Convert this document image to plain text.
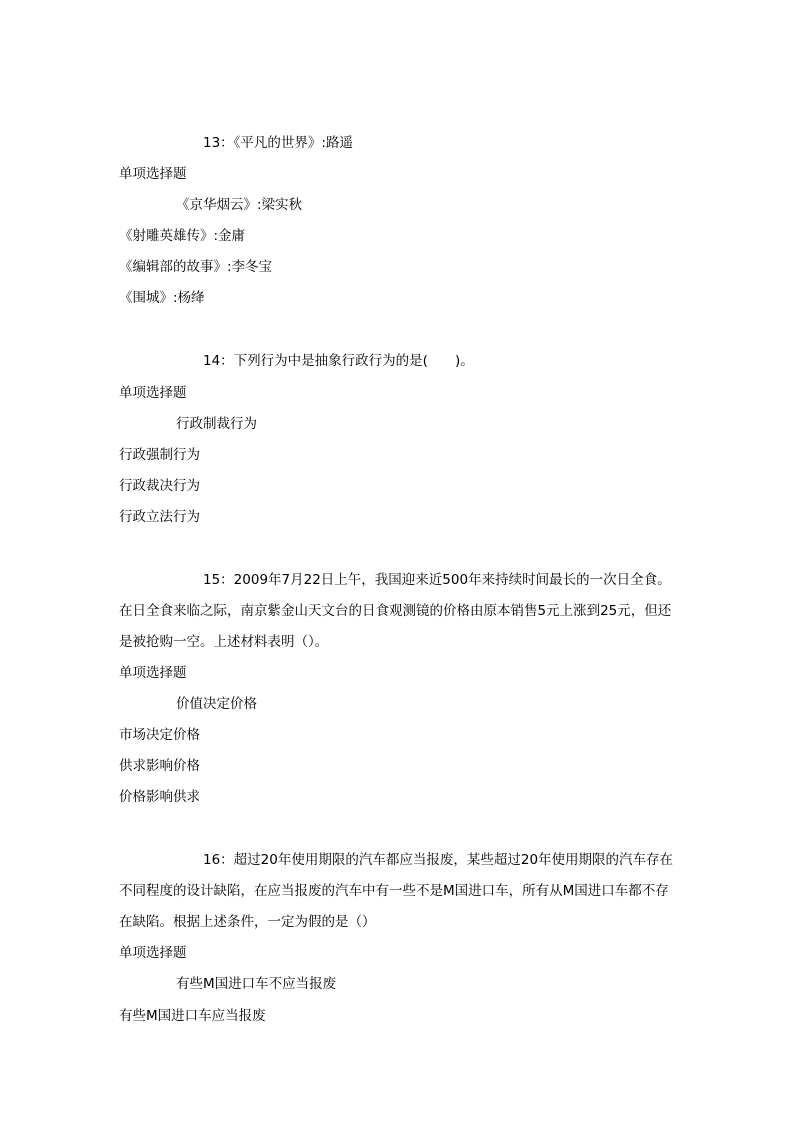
13：《平凡的世界》:路遥
单项选择题
《京华烟云》:梁实秋
《射雕英雄传》:金庸
《编辑部的故事》:李冬宝
《围城》:杨绛
14：下列行为中是抽象行政行为的是(　　)。
单项选择题
行政制裁行为
行政强制行为
行政裁决行为
行政立法行为
15：2009年7月22日上午，我国迎来近500年来持续时间最长的一次日全食。在日全食来临之际，南京紫金山天文台的日食观测镜的价格由原本销售5元上涨到25元，但还是被抢购一空。上述材料表明（）。
单项选择题
价值决定价格
市场决定价格
供求影响价格
价格影响供求
16：超过20年使用期限的汽车都应当报废，某些超过20年使用期限的汽车存在不同程度的设计缺陷，在应当报废的汽车中有一些不是M国进口车，所有从M国进口车都不存在缺陷。根据上述条件，一定为假的是（）
单项选择题
有些M国进口车不应当报废
有些M国进口车应当报废
